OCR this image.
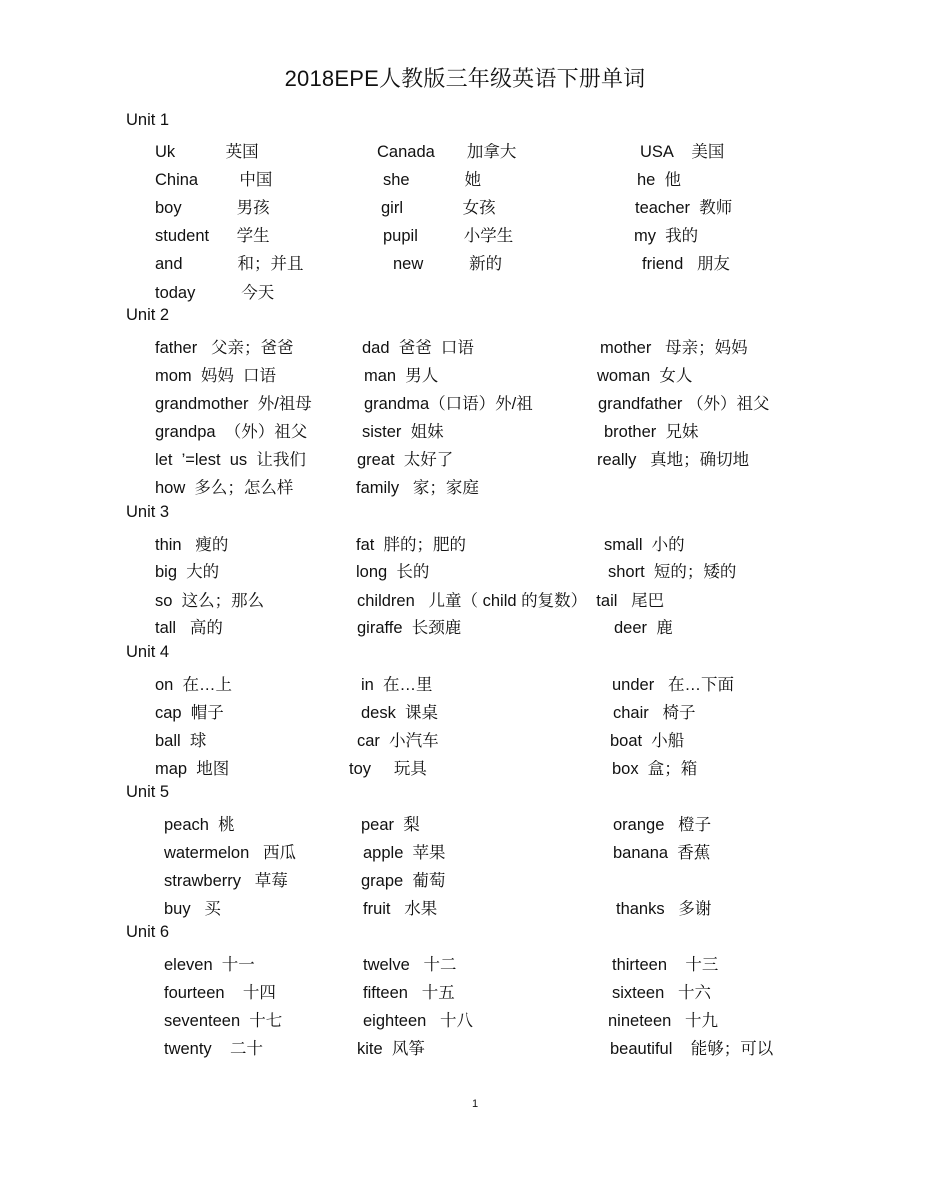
2018EPE人教版三年级英语下册单词
Unit 1
Uk           英国	Canada       加拿大	USA    美国
China         中国	she            她	he  他
boy            男孩	girl             女孩	teacher  教师
student      学生	pupil          小学生	my  我的
and            和；并且	new          新的	friend   朋友
today          今天
Unit 2
father   父亲；爸爸	dad  爸爸  口语	mother   母亲；妈妈
mom  妈妈  口语	man  男人	woman  女人
grandmother  外/祖母	grandma（口语）外/祖	grandfather （外）祖父
grandpa  （外）祖父	sister  姐妹	brother  兄妹
let  ’=lest  us  让我们	great  太好了	really   真地；确切地
how  多么；怎么样	family   家；家庭
Unit 3
thin   瘦的	fat  胖的；肥的	small  小的
big  大的	long  长的	short  短的；矮的
so  这么；那么	children   儿童（ child 的复数）  tail   尾巴
tall   高的	giraffe  长颈鹿	deer  鹿
Unit 4
on  在…上	in  在…里	under   在…下面
cap  帽子	desk  课桌	chair   椅子
ball  球	car  小汽车	boat  小船
map  地图	toy     玩具	box  盒；箱
Unit 5
peach  桃	pear  梨	orange   橙子
watermelon   西瓜	apple  苹果	banana  香蕉
strawberry   草莓	grape  葡萄
buy   买	fruit   水果	thanks   多谢
Unit 6
eleven  十一	twelve   十二	thirteen    十三
fourteen    十四	fifteen   十五	sixteen   十六
seventeen  十七	eighteen   十八	nineteen   十九
twenty    二十	kite  风筝	beautiful    能够；可以
1
